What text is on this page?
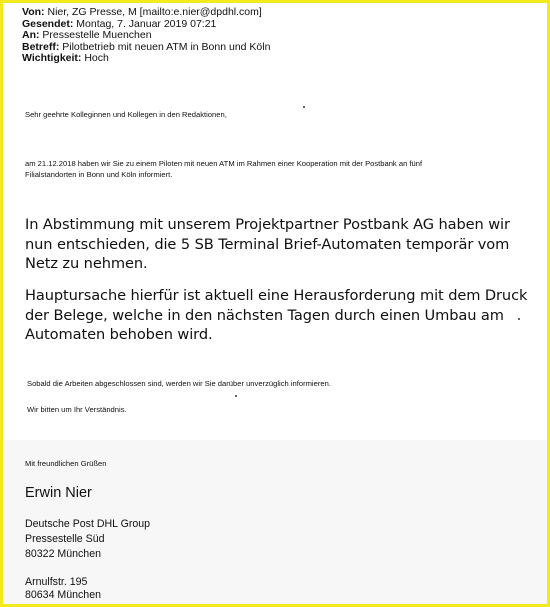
Von: Nier, ZG Presse, M [mailto:e.nier@dpdhl.com]
Gesendet: Montag, 7. Januar 2019 07:21
An: Pressestelle Muenchen
Betreff: Pilotbetrieb mit neuen ATM in Bonn und Köln
Wichtigkeit: Hoch
Sehr geehrte Kolleginnen und Kollegen in den Redaktionen,
am 21.12.2018 haben wir Sie zu einem Piloten mit neuen ATM im Rahmen einer Kooperation mit der Postbank an fünf
Filialstandorten in Bonn und Köln informiert.
In Abstimmung mit unserem Projektpartner Postbank AG haben wir
nun entschieden, die 5 SB Terminal Brief-Automaten temporär vom
Netz zu nehmen.
Hauptursache hierfür ist aktuell eine Herausforderung mit dem Druck
der Belege, welche in den nächsten Tagen durch einen Umbau am
Automaten behoben wird.
Sobald die Arbeiten abgeschlossen sind, werden wir Sie darüber unverzüglich informieren.
Wir bitten um Ihr Verständnis.
Mit freundlichen Grüßen
Erwin Nier
Deutsche Post DHL Group
Pressestelle Süd
80322 München
Arnulfstr. 195
80634 München
